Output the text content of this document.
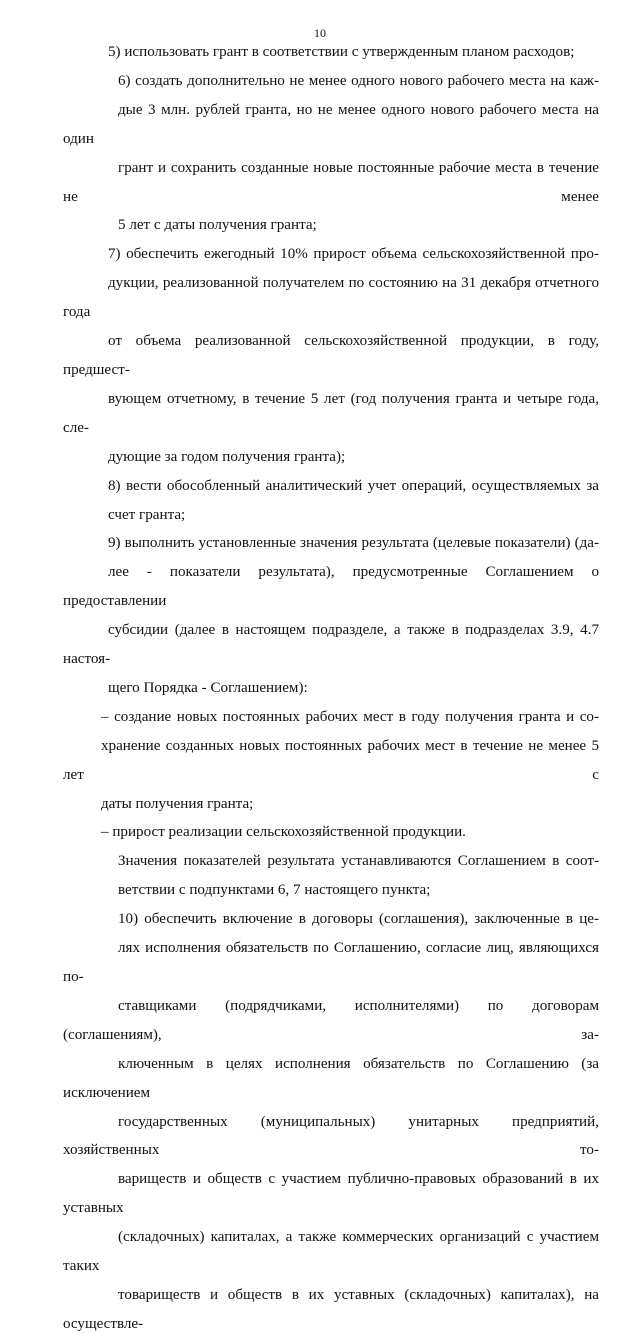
10
5) использовать грант в соответствии с утвержденным планом расходов;
6) создать дополнительно не менее одного нового рабочего места на каж-
дые 3 млн. рублей гранта, но не менее одного нового рабочего места на один
грант и сохранить созданные новые постоянные рабочие места в течение не менее
5 лет с даты получения гранта;
7) обеспечить ежегодный 10% прирост объема сельскохозяйственной про-
дукции, реализованной получателем по состоянию на 31 декабря отчетного года
от объема реализованной сельскохозяйственной продукции, в году, предшест-
вующем отчетному, в течение 5 лет (год получения гранта и четыре года, сле-
дующие за годом получения гранта);
8) вести обособленный аналитический учет операций, осуществляемых за
счет гранта;
9) выполнить установленные значения результата (целевые показатели) (да-
лее - показатели результата), предусмотренные Соглашением о предоставлении
субсидии (далее в настоящем подразделе, а также в подразделах 3.9, 4.7 настоя-
щего Порядка - Соглашением):
– создание новых постоянных рабочих мест в году получения гранта и со-
хранение созданных новых постоянных рабочих мест в течение не менее 5 лет с
даты получения гранта;
– прирост реализации сельскохозяйственной продукции.
Значения показателей результата устанавливаются Соглашением в соот-
ветствии с подпунктами 6, 7 настоящего пункта;
10) обеспечить включение в договоры (соглашения), заключенные в це-
лях исполнения обязательств по Соглашению, согласие лиц, являющихся по-
ставщиками (подрядчиками, исполнителями) по договорам (соглашениям), за-
ключенным в целях исполнения обязательств по Соглашению (за исключением
государственных (муниципальных) унитарных предприятий, хозяйственных то-
вариществ и обществ с участием публично-правовых образований в их уставных
(складочных) капиталах, а также коммерческих организаций с участием таких
товариществ и обществ в их уставных (складочных) капиталах), на осуществле-
